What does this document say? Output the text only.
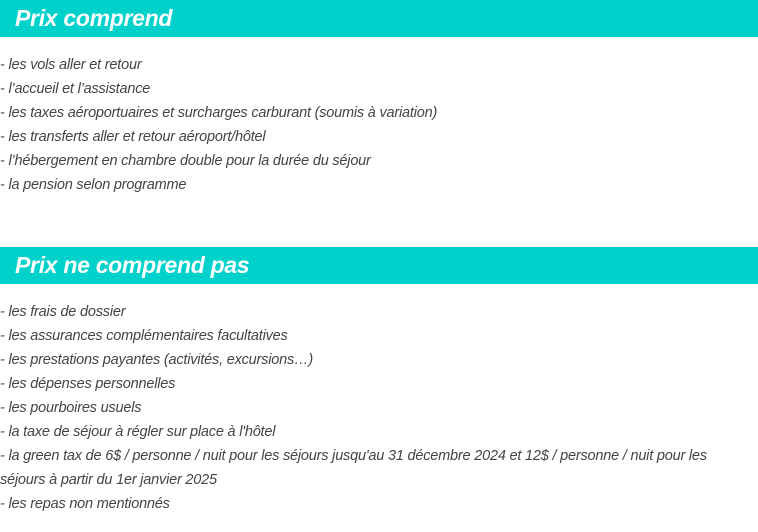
Prix comprend
- les vols aller et retour
- l’accueil et l’assistance
- les taxes aéroportuaires et surcharges carburant (soumis à variation)
- les transferts aller et retour aéroport/hôtel
- l’hébergement en chambre double pour la durée du séjour
- la pension selon programme
Prix ne comprend pas
- les frais de dossier
- les assurances complémentaires facultatives
- les prestations payantes (activités, excursions…)
- les dépenses personnelles
- les pourboires usuels
- la taxe de séjour à régler sur place à l'hôtel
- la green tax de 6$ / personne / nuit pour les séjours jusqu'au 31 décembre 2024 et 12$ / personne / nuit pour les séjours à partir du 1er janvier 2025
- les repas non mentionnés
